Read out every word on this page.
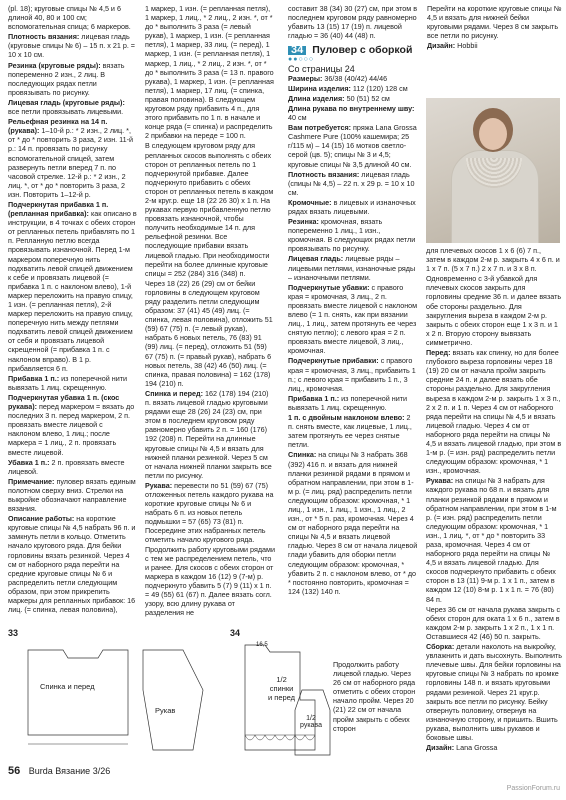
(рl. 18); круговые спицы № 4,5 и 6 длиной 40, 80 и 100 см; вспомогательная спица; 6 маркеров.

Плотность вязания: лицевая гладь (круговые спицы № 6) – 15 п. х 21 р. = 10 х 10 см.

Резинка (круговые ряды): вязать попеременно 2 изн., 2 лиц. В последующих рядах петли провязывать по рисунку.

Лицевая гладь (круговые ряды): все петли провязывать лицевыми.

Рельефная резинка на 14 п. (рукава): 1–10-й р.: * 2 изн., 2 лиц. *, от * до * повторить 3 раза, 2 изн. 11-й р.: 14 п. провязать по рисунку вспомогательной спицей, затем развернуть петли вперед 7 п. по часовой стрелке. 12-й р.: * 2 изн., 2 лиц. *, от * до * повторить 3 раза, 2 изн. Повторить 1–12-й р.

Подчеркнутая прибавка 1 п. (репланная прибавка): как описано в инструкции, в 4 точках с обеих сторон от репланных петель прибавлять по 1 п. Репланную петлю всегда провязывать изнаночной. Перед 1-м маркером поперечную нить подхватить левой спицей движением к себе и провязать лицевой (= прибавка 1 п. с наклоном влево), 1-й маркер переложить на правую спицу, 1 изн. (= репланная петля), 2-й маркер переложить на правую спицу, поперечную нить между петлями подхватить левой спицей движением от себя и провязать лицевой скрещенной (= прибавка 1 п. с наклоном вправо). В 1 р. прибавляется 6 п.

Прибавка 1 п.: из поперечной нити вывязать 1 лиц. скрещенную.

Подчеркнутая убавка 1 п. (скос рукава): перед маркером = вязать до последних 3 п. перед маркером, 2 п. провязать вместе лицевой с наклоном влево, 1 лиц.; после маркера = 1 лиц., 2 п. провязать вместе лицевой.

Убавка 1 п.: 2 п. провязать вместе лицевой.

Примечание: пуловер вязать единым полотном сверху вниз. Стрелки на выкройке обозначают направление вязания.

Описание работы: на короткие круговые спицы № 4,5 набрать 96 п. и замкнуть петли в кольцо. Отметить начало кругового ряда. Для бейки горловины вязать резинкой. Через 4 см от наборного ряда перейти на средние круговые спицы № 6 и распределить петли следующим образом, при этом прикрепить маркеры для репланных прибавок: 16 лиц. (= спинка, левая половина),

1 маркер, 1 изн. (= репланная петля), 1 маркер, 1 лиц., * 2 лиц., 2 изн. *, от * до * выполнить 3 раза (= левый рукав), 1 маркер, 1 изн. (= репланная петля), 1 маркер, 33 лиц. (= перед), 1 маркер, 1 изн. (= репланная петля), 1 маркер, 1 лиц., * 2 лиц., 2 изн. *, от * до * выполнить 3 раза (= 13 п. правого рукава), 1 маркер, 1 изн. (= репланная петля), 1 маркер, 17 лиц. (= спинка, правая половина). В следующем круговом ряду прибавить 4 п., для этого прибавить по 1 п. в начале и конце ряда (= спинка) и распределить 2 прибавки на переде = 100 п.

В следующем круговом ряду для репланных скосов выполнять с обеих сторон от репланных петель по 1 подчеркнутой прибавке. Далее подчеркнуто прибавить с обеих сторон от репланных петель в каждом 2-м круг.р. еще 18 (22 26 30) x 1 п. На рукавах первую прибавленную петлю провязать изнаночной, чтобы получить необходимые 14 п. для рельефной резинки. Все последующие прибавки вязать лицевой гладью. При необходимости перейти на более длинные круговые спицы = 252 (284) 316 (348) п.

Через 18 (22) 26 (29) см от бейки горловины в следующем круговом ряду разделить петли следующим образом: 37 (41) 45 (49) лиц. (= спинка, левая половина), отложить 51 (59) 67 (75) п. (= левый рукав), набрать 6 новых петель, 76 (83) 91 (99) лиц. (= перед), отложить 51 (59) 67 (75) п. (= правый рукав), набрать 6 новых петель, 38 (42) 46 (50) лиц. (= спинка, правая половина) = 162 (178) 194 (210) п.

Спинка и перед: 162 (178) 194 (210) п. вязать лицевой гладью круговыми рядами еще 28 (26) 24 (23) см, при этом в последнем круговом ряду равномерно убавить 2 п. = 160 (176) 192 (208) п. Перейти на длинные круговые спицы № 4,5 и вязать для нижней планки резинкой. Через 5 см от начала нижней планки закрыть все петли по рисунку.

Рукава: перевести по 51 (59) 67 (75) отложенных петель каждого рукава на короткие круговые спицы № 6 и набрать 6 п. из новых петель подмышки = 57 (65) 73 (81) п. Посередине этих набранных петель отметить начало кругового ряда. Продолжить работу круговыми рядами с тем же распределением петель, что и ранее. Для скосов с обеих сторон от маркера в каждом 16 (12) 9 (7-м) р. подчеркнуто убавить 5 (7) 9 (11) x 1 п. = 49 (55) 61 (67) п. Далее вязать согл. узору, всю длину рукава от разделения не

составит 38 (34) 30 (27) см, при этом в последнем круговом ряду равномерно убавить 13 (15) 17 (19) п. лицевой гладью = 36 (40) 44 (48) п.

34 Пуловер с оборкой
●●○○○
Со страницы 24

Размеры: 36/38 (40/42) 44/46

Ширина изделия: 112 (120) 128 см

Длина изделия: 50 (51) 52 см

Длина рукава по внутреннему шву: 40 см

Вам потребуется: пряжа Lana Grossa Cashmere Pure (100% кашемира; 25 г/115 м) – 14 (15) 16 мотков светло-серой (цв. 5); спицы № 3 и 4,5; круговые спицы № 3,5 длиной 40 см.

Плотность вязания: лицевая гладь (спицы № 4,5) – 22 п. x 29 р. = 10 x 10 см.

Кромочные: в лицевых и изнаночных рядах вязать лицевыми.

Резинка: кромочная, вязать попеременно 1 лиц., 1 изн., кромочная. В следующих рядах петли провязывать по рисунку.

Лицевая гладь: лицевые ряды – лицевыми петлями, изнаночные ряды – изнаночными петлями.

Подчеркнутые убавки: с правого края = кромочная, 3 лиц., 2 п. провязать вместе лицевой с наклоном влево (= 1 п. снять, как при вязании лиц., 1 лиц., затем протянуть ее через снятую петлю); с левого края = 2 п. провязать вместе лицевой, 3 лиц., кромочная.

Подчеркнутые прибавки: с правого края = кромочная, 3 лиц., прибавить 1 п.; с левого края = прибавить 1 п., 3 лиц., кромочная.

Прибавка 1 п.: из поперечной нити вывязать 1 лиц. скрещенную.

1 п. с двойным наклоном влево: 2 п. снять вместе, как лицевые, 1 лиц., затем протянуть ее через снятые петли.

Спинка: на спицы № 3 набрать 368 (392) 416 п. и вязать для нижней планки резинкой рядами в прямом и обратном направлении, при этом в 1-м р. (= лиц. ряд) распределить петли следующим образом: кромочная, * 1 лиц., 1 изн., 1 лиц., 1 изн., 1 лиц., 2 изн., от * 5 п. раз, кромочная. Через 4 см от наборного ряда перейти на спицы № 4,5 и вязать лицевой гладью. Через 8 см от начала лицевой глади убавить для оборки петли следующим образом: кромочная, * убавить 2 п. с наклоном влево, от * до * постоянно повторить, кромочная = 124 (132) 140 п.

Продолжить работу лицевой гладью. Через 26 см от наборного ряда отметить с обеих сторон начало пройм. Через 20 (21) 22 см от начала пройм закрыть с обеих сторон

Перейти на короткие круговые спицы № 4,5 и вязать для нижней бейки круговыми рядами. Через 8 см закрыть все петли по рисунку.

Дизайн: Hobbii

для плечевых скосов 1 x 6 (6) 7 п., затем в каждом 2-м р. закрыть 4 x 6 п. и 1 x 7 п. (5 x 7 п.) 2 x 7 п. и 3 x 8 п.

Одновременно с 3-й убавкой для плечевых скосов закрыть для горловины средние 36 п. и далее вязать обе стороны раздельно. Для закругления выреза в каждом 2-м р. закрыть с обеих сторон еще 1 x 3 п. и 1 x 2 п. Вторую сторону вывязать симметрично.

Перед: вязать как спинку, но для более глубокого выреза горловины через 18 (19) 20 см от начала пройм закрыть средние 24 п. и далее вязать обе стороны раздельно. Для закругления выреза в каждом 2-м р. закрыть 1 x 3 п., 2 x 2 п. и 1 п. Через 4 см от наборного ряда перейти на спицы № 4,5 и вязать лицевой гладью. Через 4 см от наборного ряда перейти на спицы № 4,5 и вязать лицевой гладью, при этом в 1-м р. (= изн. ряд) распределить петли следующим образом: кромочная, * 1 изн., кромочная.

Рукава: на спицы № 3 набрать для каждого рукава по 68 п. и вязать для планки резинкой рядами в прямом и обратном направлении, при этом в 1-м р. (= изн. ряд) распределить петли следующим образом: кромочная, * 1 изн., 1 лиц. *, от * до * повторить 33 раза, кромочная. Через 4 см от наборного ряда перейти на спицы № 4,5 и вязать лицевой гладью. Для скосов подчеркнуто прибавить с обеих сторон в 13 (11) 9-м р. 1 x 1 п., затем в каждом 12 (10) 8-м р. 1 x 1 п. = 76 (80) 84 п.

Через 36 см от начала рукава закрыть с обеих сторон для оката 1 x 6 п., затем в каждом 2-м р. закрыть 1 x 2 п., 1 x 1 п. Оставшиеся 42 (46) 50 п. закрыть.

Сборка: детали наколоть на выкройку, увлажнить и дать высохнуть. Выполнить плечевые швы. Для бейки горловины на круговые спицы № 3 набрать по кромке горловины 148 п. и вязать круговыми рядами резинкой. Через 21 круг.р. закрыть все петли по рисунку. Бейку отвернуть половину, отвернув на изнаночную сторону, и пришить. Вшить рукава, выполнить швы рукавов и боковые швы.

Дизайн: Lana Grossa

33
Спинка и перед
Рукав
34
1/2
спинки
и перед
16,5
1/2
рукава
56 Burda Вязание 3/26
PassionForum.ru
